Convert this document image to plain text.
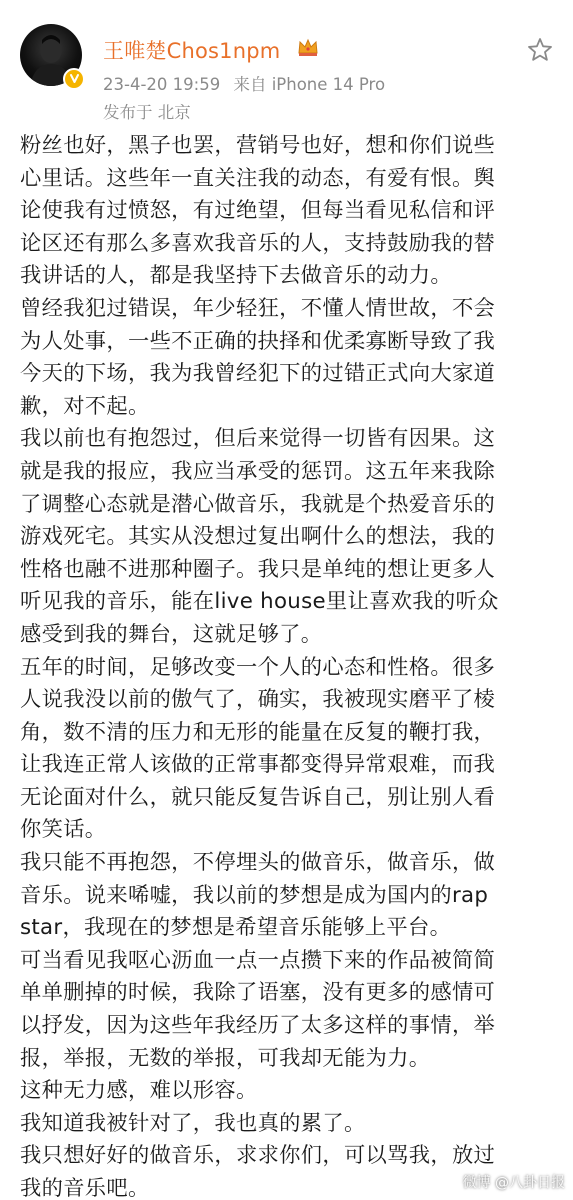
王唯楚Chos1npm
23-4-20 19:59 来自 iPhone 14 Pro
发布于 北京
粉丝也好，黑子也罢，营销号也好，想和你们说些
心里话。这些年一直关注我的动态，有爱有恨。舆
论使我有过愤怒，有过绝望，但每当看见私信和评
论区还有那么多喜欢我音乐的人，支持鼓励我的替
我讲话的人，都是我坚持下去做音乐的动力。
曾经我犯过错误，年少轻狂，不懂人情世故，不会
为人处事，一些不正确的抉择和优柔寡断导致了我
今天的下场，我为我曾经犯下的过错正式向大家道
歉，对不起。
我以前也有抱怨过，但后来觉得一切皆有因果。这
就是我的报应，我应当承受的惩罚。这五年来我除
了调整心态就是潜心做音乐，我就是个热爱音乐的
游戏死宅。其实从没想过复出啊什么的想法，我的
性格也融不进那种圈子。我只是单纯的想让更多人
听见我的音乐，能在live house里让喜欢我的听众
感受到我的舞台，这就足够了。
五年的时间，足够改变一个人的心态和性格。很多
人说我没以前的傲气了，确实，我被现实磨平了棱
角，数不清的压力和无形的能量在反复的鞭打我，
让我连正常人该做的正常事都变得异常艰难，而我
无论面对什么，就只能反复告诉自己，别让别人看
你笑话。
我只能不再抱怨，不停埋头的做音乐，做音乐，做
音乐。说来唏嘘，我以前的梦想是成为国内的rap
star，我现在的梦想是希望音乐能够上平台。
可当看见我呕心沥血一点一点攒下来的作品被简简
单单删掉的时候，我除了语塞，没有更多的感情可
以抒发，因为这些年我经历了太多这样的事情，举
报，举报，无数的举报，可我却无能为力。
这种无力感，难以形容。
我知道我被针对了，我也真的累了。
我只想好好的做音乐，求求你们，可以骂我，放过
我的音乐吧。	微博 @八卦日报
